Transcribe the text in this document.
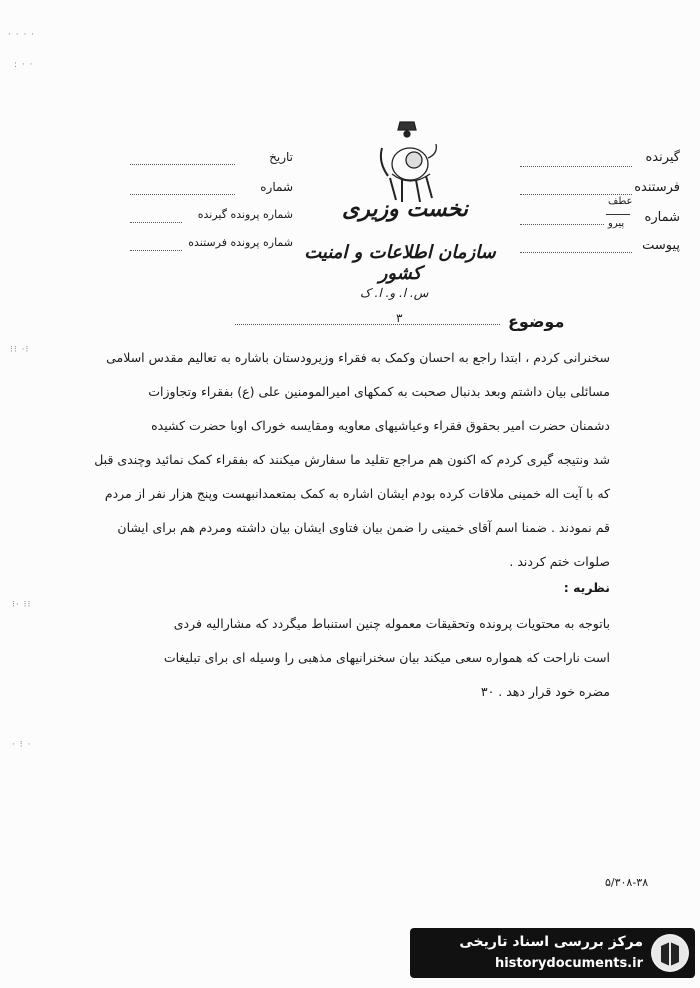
· · · ·
: · ·
⁝⁝ ·⁝
⁝· ⁝⁝
· ⁝ ·
گیرنده
فرستنده
شماره
عطف
پیرو
پیوست
تاریخ
شماره
شماره پرونده گیرنده
شماره پرونده فرستنده
نخست وزیری
سازمان اطلاعات و امنیت کشور
س. ا. و. ا. ک
موضوع
٣
سخنرانی کردم ، ابتدا راجع به احسان وکمک به فقراء وزیرودستان باشاره به تعالیم مقدس اسلامی
مسائلی بیان داشتم وبعد بدنبال صحبت به کمکهای امیرالمومنین علی (ع) بفقراء وتجاوزات
دشمنان حضرت امیر بحقوق فقراء وعیاشیهای معاویه ومقایسه خوراک اوبا حضرت کشیده
شد ونتیجه گیری کردم که اکنون هم مراجع تقلید ما سفارش میکنند که بفقراء کمک نمائید وچندی قبل
که با آیت اله خمینی ملاقات کرده بودم ایشان اشاره به کمک بمتعمدانبهست وپنج هزار نفر از مردم
قم نمودند . ضمنا اسم آقای خمینی را ضمن بیان فتاوی ایشان بیان داشته ومردم هم برای ایشان
صلوات ختم کردند .
نظریه :
باتوجه به محتویات پرونده وتحقیقات معموله چنین استنباط میگردد که مشارالیه فردی
است ناراحت که همواره سعی میکند بیان سخنرانیهای مذهبی را وسیله ای برای تبلیغات
مضره خود قرار دهد . ۳۰
۵/۳۰۸-۳۸
مرکز بررسی اسناد تاریخی
historydocuments.ir
